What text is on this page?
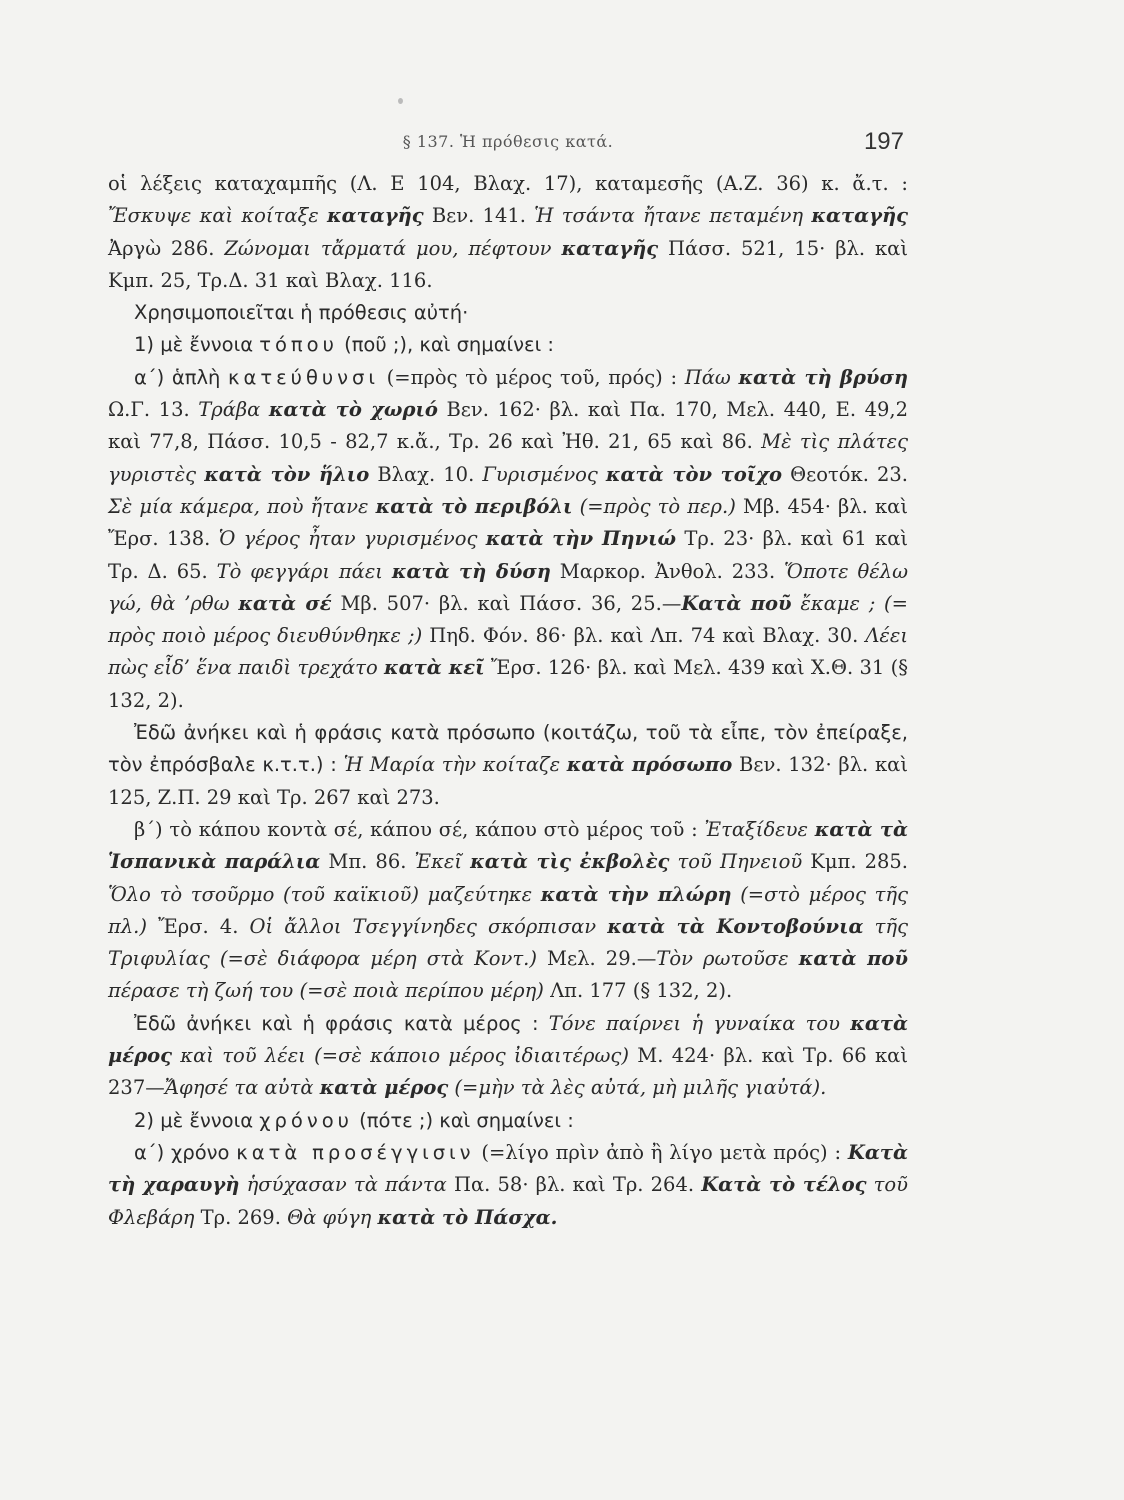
§ 137. Ἡ πρόθεσις κατά.	197

οἱ λέξεις καταχαμπῆς (Λ. Ε 104, Βλαχ. 17), καταμεσῆς (Α.Ζ. 36) κ. ἄ.τ. : Ἔσκυψε καὶ κοίταξε καταγῆς Βεν. 141. Ἡ τσάντα ἤτανε πεταμένη καταγῆς Ἀργὼ 286. Ζώνομαι τἄρματά μου, πέφτουν καταγῆς Πάσσ. 521, 15· βλ. καὶ Κμπ. 25, Τρ.Δ. 31 καὶ Βλαχ. 116.

Χρησιμοποιεῖται ἡ πρόθεσις αὐτή·

1) μὲ ἔννοια τόπου (ποῦ ;), καὶ σημαίνει :

α΄) ἁπλὴ κατεύθυνσι (=πρὸς τὸ μέρος τοῦ, πρός) : Πάω κατὰ τὴ βρύση Ω.Γ. 13. Τράβα κατὰ τὸ χωριό Βεν. 162· βλ. καὶ Πα. 170, Μελ. 440, Ε. 49,2 καὶ 77,8, Πάσσ. 10,5 - 82,7 κ.ἄ., Τρ. 26 καὶ Ἠθ. 21, 65 καὶ 86. Μὲ τὶς πλάτες γυριστὲς κατὰ τὸν ἥλιο Βλαχ. 10. Γυρισμένος κατὰ τὸν τοῖχο Θεοτόκ. 23. Σὲ μία κάμερα, ποὺ ἤτανε κατὰ τὸ περιβόλι (=πρὸς τὸ περ.) Μβ. 454· βλ. καὶ Ἔρσ. 138. Ὁ γέρος ἦταν γυρισμένος κατὰ τὴν Πηνιώ Τρ. 23· βλ. καὶ 61 καὶ Τρ. Δ. 65. Τὸ φεγγάρι πάει κατὰ τὴ δύση Μαρκορ. Ἀνθολ. 233. Ὅποτε θέλω γώ, θὰ ’ρθω κατὰ σέ Μβ. 507· βλ. καὶ Πάσσ. 36, 25.—Κατὰ ποῦ ἔκαμε ; (= πρὸς ποιὸ μέρος διευθύνθηκε ;) Πηδ. Φόν. 86· βλ. καὶ Λπ. 74 καὶ Βλαχ. 30. Λέει πὼς εἶδ’ ἕνα παιδὶ τρεχάτο κατὰ κεῖ Ἔρσ. 126· βλ. καὶ Μελ. 439 καὶ Χ.Θ. 31 (§ 132, 2).

Ἐδῶ ἀνήκει καὶ ἡ φράσις κατὰ πρόσωπο (κοιτάζω, τοῦ τὰ εἶπε, τὸν ἐπείραξε, τὸν ἐπρόσβαλε κ.τ.τ.) : Ἡ Μαρία τὴν κοίταζε κατὰ πρόσωπο Βεν. 132· βλ. καὶ 125, Ζ.Π. 29 καὶ Τρ. 267 καὶ 273.

β΄) τὸ κάπου κοντὰ σέ, κάπου σέ, κάπου στὸ μέρος τοῦ : Ἐταξίδευε κατὰ τὰ Ἱσπανικὰ παράλια Μπ. 86. Ἐκεῖ κατὰ τὶς ἐκβολὲς τοῦ Πηνειοῦ Κμπ. 285. Ὅλο τὸ τσοῦρμο (τοῦ καϊκιοῦ) μαζεύτηκε κατὰ τὴν πλώρη (=στὸ μέρος τῆς πλ.) Ἔρσ. 4. Οἱ ἄλλοι Τσεγγίνηδες σκόρπισαν κατὰ τὰ Κοντοβούνια τῆς Τριφυλίας (=σὲ διάφορα μέρη στὰ Κοντ.) Μελ. 29.—Τὸν ρωτοῦσε κατὰ ποῦ πέρασε τὴ ζωή του (=σὲ ποιὰ περίπου μέρη) Λπ. 177 (§ 132, 2).

Ἐδῶ ἀνήκει καὶ ἡ φράσις κατὰ μέρος : Τόνε παίρνει ἡ γυναίκα του κατὰ μέρος καὶ τοῦ λέει (=σὲ κάποιο μέρος ἰδιαιτέρως) Μ. 424· βλ. καὶ Τρ. 66 καὶ 237—Ἄφησέ τα αὐτὰ κατὰ μέρος (=μὴν τὰ λὲς αὐτά, μὴ μιλῆς γιαὐτά).

2) μὲ ἔννοια χρόνου (πότε ;) καὶ σημαίνει :

α΄) χρόνο κατὰ προσέγγισιν (=λίγο πρὶν ἀπὸ ἢ λίγο μετὰ πρός) : Κατὰ τὴ χαραυγὴ ἡσύχασαν τὰ πάντα Πα. 58· βλ. καὶ Τρ. 264. Κατὰ τὸ τέλος τοῦ Φλεβάρη Τρ. 269. Θὰ φύγη κατὰ τὸ Πάσχα.
